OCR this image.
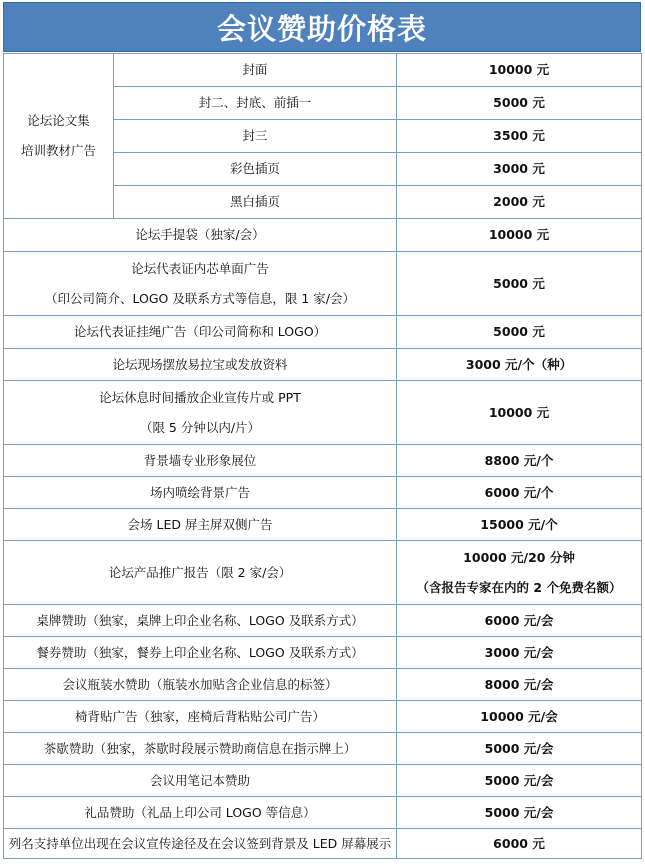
会议赞助价格表
论坛论文集
培训教材广告	封面	10000 元
	封二、封底、前插一	5000 元
	封三	3500 元
	彩色插页	3000 元
	黑白插页	2000 元

论坛手提袋（独家/会）		10000 元

论坛代表证内芯单面广告
（印公司简介、LOGO 及联系方式等信息，限 1 家/会）		5000 元

论坛代表证挂绳广告（印公司简称和 LOGO）		5000 元

论坛现场摆放易拉宝或发放资料		3000 元/个（种）

论坛休息时间播放企业宣传片或 PPT
（限 5 分钟以内/片）		10000 元

背景墙专业形象展位		8800 元/个

场内喷绘背景广告		6000 元/个

会场 LED 屏主屏双侧广告		15000 元/个

论坛产品推广报告（限 2 家/会）		10000 元/20 分钟
（含报告专家在内的 2 个免费名额）

桌牌赞助（独家，桌牌上印企业名称、LOGO 及联系方式）		6000 元/会

餐券赞助（独家，餐券上印企业名称、LOGO 及联系方式）		3000 元/会

会议瓶装水赞助（瓶装水加贴含企业信息的标签）		8000 元/会

椅背贴广告（独家，座椅后背粘贴公司广告）		10000 元/会

茶歇赞助（独家，茶歇时段展示赞助商信息在指示牌上）		5000 元/会

会议用笔记本赞助		5000 元/会

礼品赞助（礼品上印公司 LOGO 等信息）		5000 元/会

列名支持单位出现在会议宣传途径及在会议签到背景及 LED 屏幕展示		6000 元
